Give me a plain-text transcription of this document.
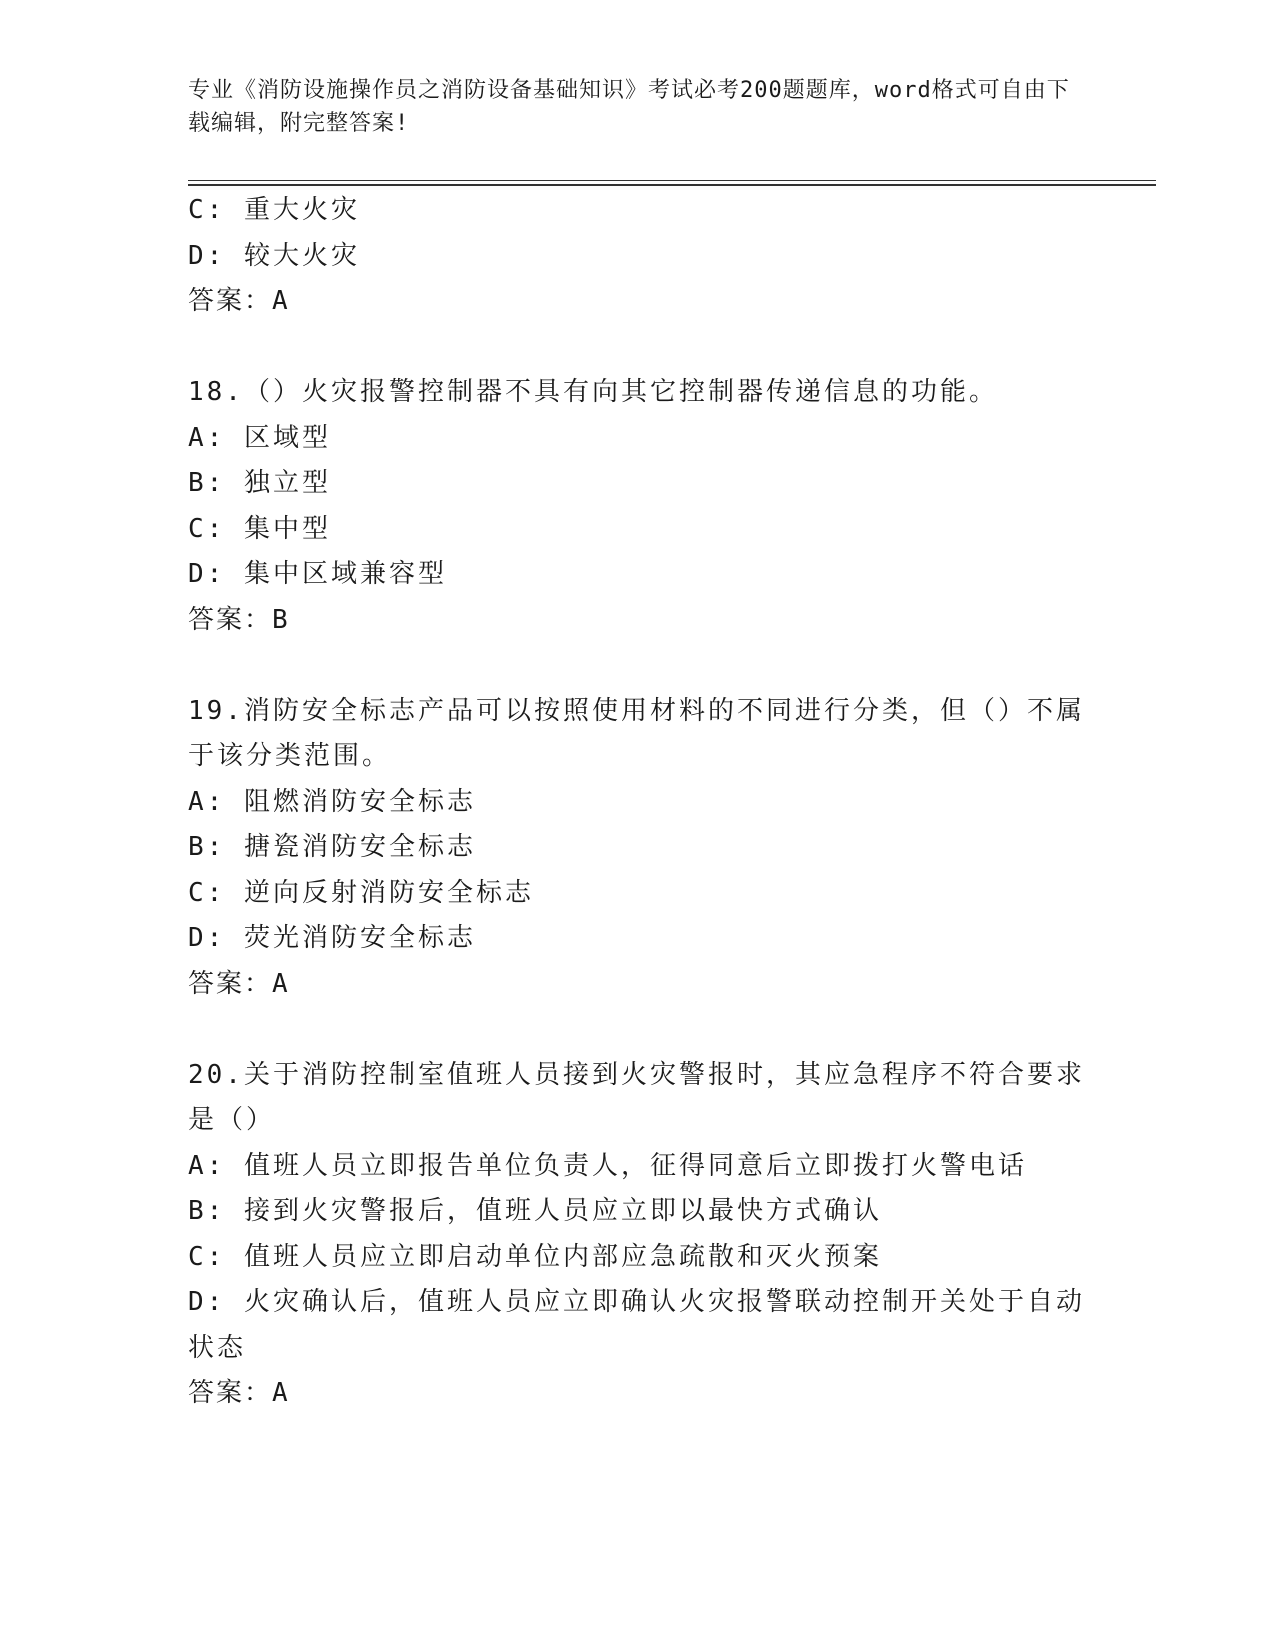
专业《消防设施操作员之消防设备基础知识》考试必考200题题库，word格式可自由下载编辑，附完整答案!
C: 重大火灾
D: 较大火灾
答案：A
18.（）火灾报警控制器不具有向其它控制器传递信息的功能。
A: 区域型
B: 独立型
C: 集中型
D: 集中区域兼容型
答案：B
19.消防安全标志产品可以按照使用材料的不同进行分类，但（）不属于该分类范围。
A: 阻燃消防安全标志
B: 搪瓷消防安全标志
C: 逆向反射消防安全标志
D: 荧光消防安全标志
答案：A
20.关于消防控制室值班人员接到火灾警报时，其应急程序不符合要求是（）
A: 值班人员立即报告单位负责人，征得同意后立即拨打火警电话
B: 接到火灾警报后，值班人员应立即以最快方式确认
C: 值班人员应立即启动单位内部应急疏散和灭火预案
D: 火灾确认后，值班人员应立即确认火灾报警联动控制开关处于自动状态
答案：A
